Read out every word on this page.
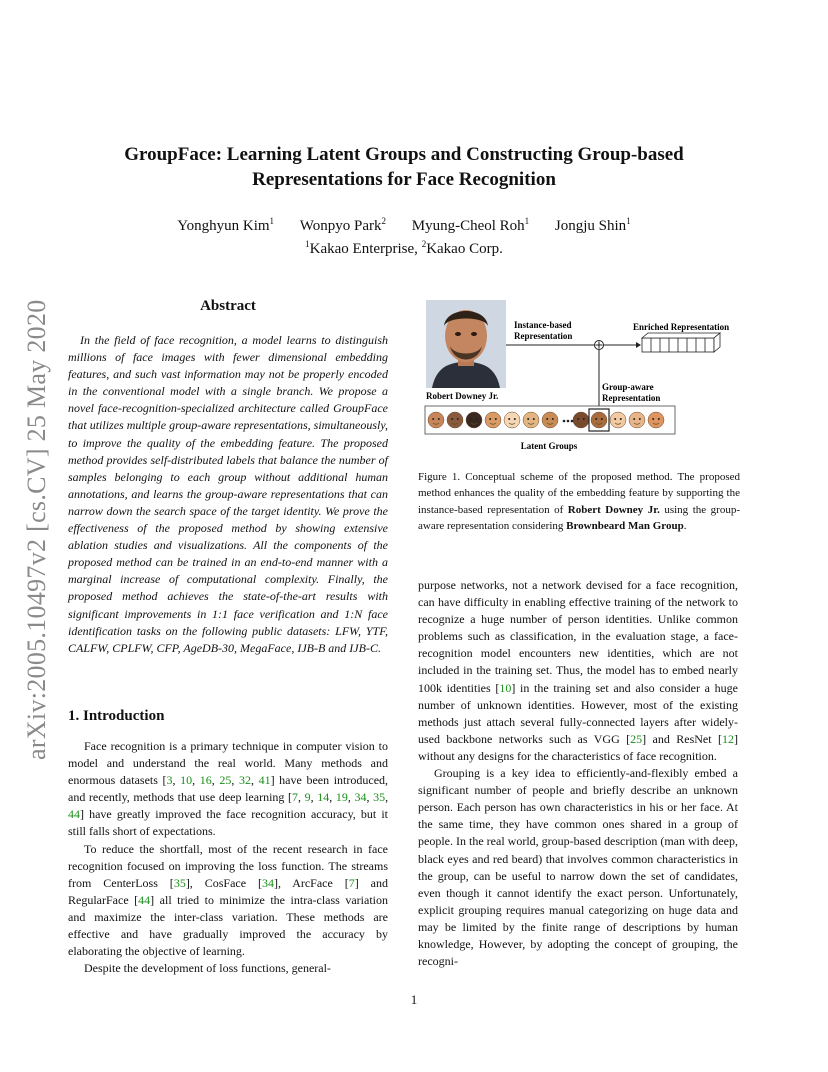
arXiv:2005.10497v2 [cs.CV] 25 May 2020
GroupFace: Learning Latent Groups and Constructing Group-based
Representations for Face Recognition
Yonghyun Kim$^1$ Wonpyo Park$^2$ Myung-Cheol Roh$^1$ Jongju Shin$^1$
$^1$Kakao Enterprise, $^2$Kakao Corp.
Abstract

In the field of face recognition, a model learns to distinguish millions of face images with fewer dimensional embedding features, and such vast information may not be properly encoded in the conventional model with a single branch. We propose a novel face-recognition-specialized architecture called GroupFace that utilizes multiple group-aware representations, simultaneously, to improve the quality of the embedding feature. The proposed method provides self-distributed labels that balance the number of samples belonging to each group without additional human annotations, and learns the group-aware representations that can narrow down the search space of the target identity. We prove the effectiveness of the proposed method by showing extensive ablation studies and visualizations. All the components of the proposed method can be trained in an end-to-end manner with a marginal increase of computational complexity. Finally, the proposed method achieves the state-of-the-art results with significant improvements in 1:1 face verification and 1:N face identification tasks on the following public datasets: LFW, YTF, CALFW, CPLFW, CFP, AgeDB-30, MegaFace, IJB-B and IJB-C.

1. Introduction

Face recognition is a primary technique in computer vision to model and understand the real world. Many methods and enormous datasets [3, 10, 16, 25, 32, 41] have been introduced, and recently, methods that use deep learning [7, 9, 14, 19, 34, 35, 44] have greatly improved the face recognition accuracy, but it still falls short of expectations.

To reduce the shortfall, most of the recent research in face recognition focused on improving the loss function. The streams from CenterLoss [35], CosFace [34], ArcFace [7] and RegularFace [44] all tried to minimize the intra-class variation and maximize the inter-class variation. These methods are effective and have gradually improved the accuracy by elaborating the objective of learning.

Despite the development of loss functions, general-

Robert Downey Jr.
Instance-based
Representation
Enriched Representation
Group-aware
Representation
Latent Groups
Figure 1. Conceptual scheme of the proposed method. The proposed method enhances the quality of the embedding feature by supporting the instance-based representation of Robert Downey Jr. using the group-aware representation considering Brownbeard Man Group.

purpose networks, not a network devised for a face recognition, can have difficulty in enabling effective training of the network to recognize a huge number of person identities. Unlike common problems such as classification, in the evaluation stage, a face-recognition model encounters new identities, which are not included in the training set. Thus, the model has to embed nearly 100k identities [10] in the training set and also consider a huge number of unknown identities. However, most of the existing methods just attach several fully-connected layers after widely-used backbone networks such as VGG [25] and ResNet [12] without any designs for the characteristics of face recognition.

Grouping is a key idea to efficiently-and-flexibly embed a significant number of people and briefly describe an unknown person. Each person has own characteristics in his or her face. At the same time, they have common ones shared in a group of people. In the real world, group-based description (man with deep, black eyes and red beard) that involves common characteristics in the group, can be useful to narrow down the set of candidates, even though it cannot identify the exact person. Unfortunately, explicit grouping requires manual categorizing on huge data and may be limited by the finite range of descriptions by human knowledge, However, by adopting the concept of grouping, the recogni-

1
